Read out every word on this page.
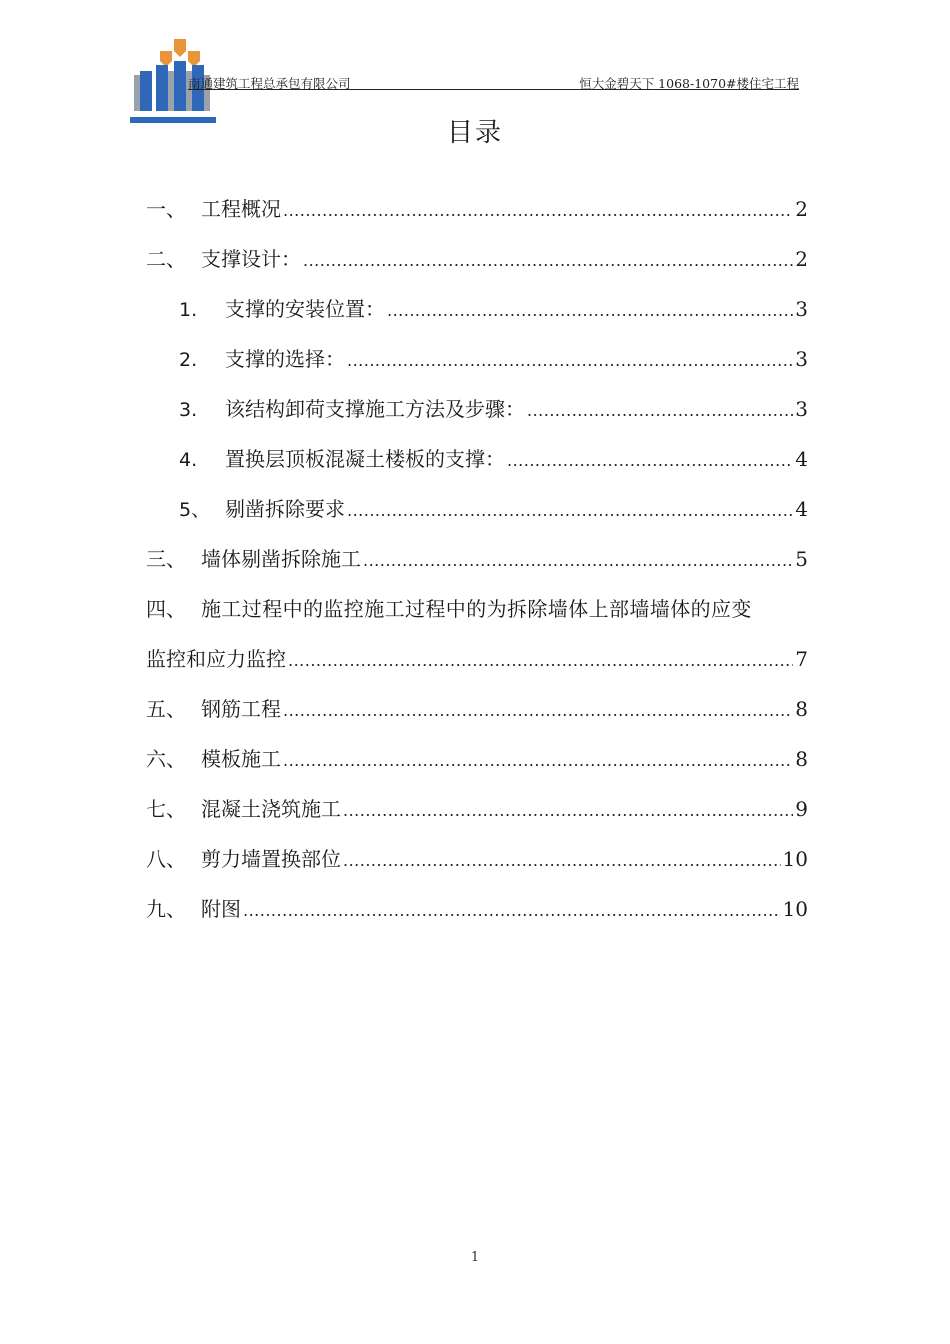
南通建筑工程总承包有限公司	恒大金碧天下 1068-1070#楼住宅工程
目录
一、 工程概况 .....	2
二、 支撑设计： .....	2
1.	支撑的安装位置： .....	3
2.	支撑的选择： .....	3
3.	该结构卸荷支撑施工方法及步骤： .....	3
4.	置换层顶板混凝土楼板的支撑： .....	4
5、 剔凿拆除要求 .....	4
三、 墙体剔凿拆除施工 .....	5
四、 施工过程中的监控施工过程中的为拆除墙体上部墙墙体的应变
监控和应力监控 .....	7
五、 钢筋工程 .....	8
六、 模板施工 .....	8
七、 混凝土浇筑施工 .....	9
八、 剪力墙置换部位 .....	10
九、 附图 .....	10
1
